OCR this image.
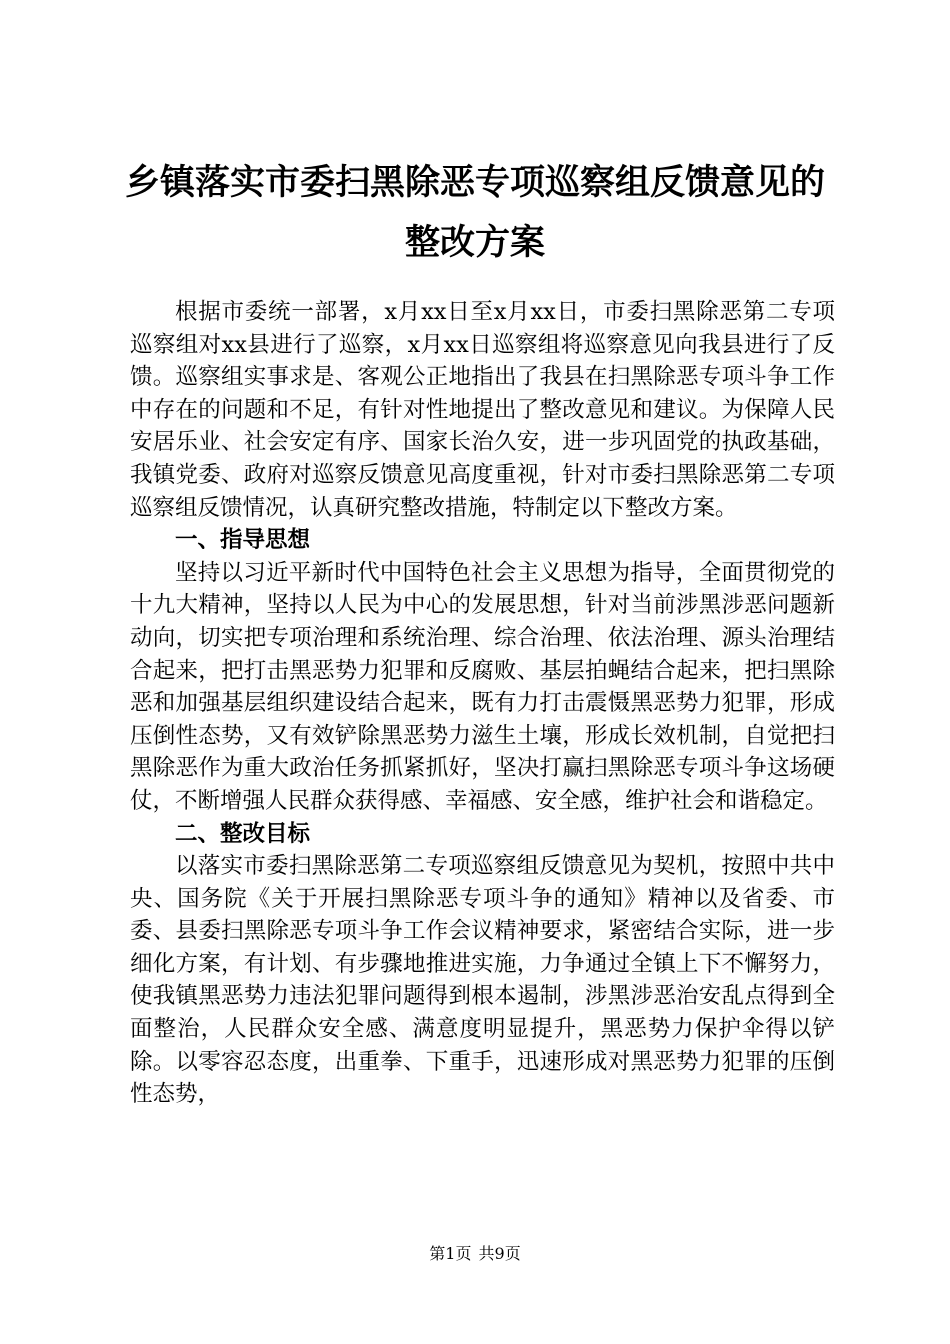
乡镇落实市委扫黑除恶专项巡察组反馈意见的
整改方案

根据市委统一部署，x月xx日至x月xx日，市委扫黑除恶第二专项巡察组对xx县进行了巡察，x月xx日巡察组将巡察意见向我县进行了反馈。巡察组实事求是、客观公正地指出了我县在扫黑除恶专项斗争工作中存在的问题和不足，有针对性地提出了整改意见和建议。为保障人民安居乐业、社会安定有序、国家长治久安，进一步巩固党的执政基础，我镇党委、政府对巡察反馈意见高度重视，针对市委扫黑除恶第二专项巡察组反馈情况，认真研究整改措施，特制定以下整改方案。

一、指导思想

坚持以习近平新时代中国特色社会主义思想为指导，全面贯彻党的十九大精神，坚持以人民为中心的发展思想，针对当前涉黑涉恶问题新动向，切实把专项治理和系统治理、综合治理、依法治理、源头治理结合起来，把打击黑恶势力犯罪和反腐败、基层拍蝇结合起来，把扫黑除恶和加强基层组织建设结合起来，既有力打击震慑黑恶势力犯罪，形成压倒性态势，又有效铲除黑恶势力滋生土壤，形成长效机制，自觉把扫黑除恶作为重大政治任务抓紧抓好，坚决打赢扫黑除恶专项斗争这场硬仗，不断增强人民群众获得感、幸福感、安全感，维护社会和谐稳定。

二、整改目标

以落实市委扫黑除恶第二专项巡察组反馈意见为契机，按照中共中央、国务院《关于开展扫黑除恶专项斗争的通知》精神以及省委、市委、县委扫黑除恶专项斗争工作会议精神要求，紧密结合实际，进一步细化方案，有计划、有步骤地推进实施，力争通过全镇上下不懈努力，使我镇黑恶势力违法犯罪问题得到根本遏制，涉黑涉恶治安乱点得到全面整治，人民群众安全感、满意度明显提升，黑恶势力保护伞得以铲除。以零容忍态度，出重拳、下重手，迅速形成对黑恶势力犯罪的压倒性态势，

第1页 共9页
